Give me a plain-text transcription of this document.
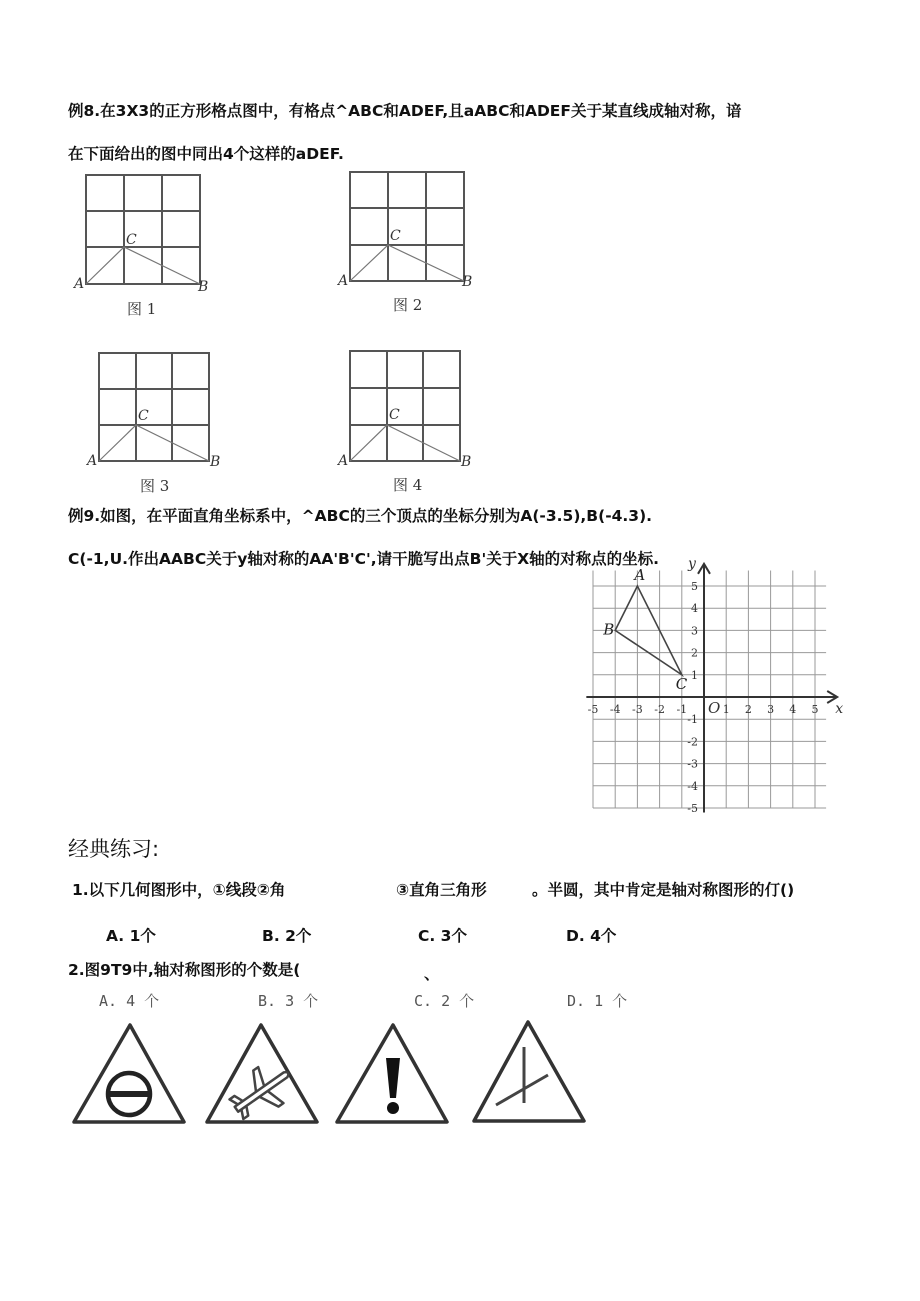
例8.在3X3的正方形格点图中，有格点^ABC和ADEF,且aABC和ADEF关于某直线成轴对称，谙
在下面给出的图中同出4个这样的aDEF.
A
C
B
图 1
A
C
B
图 2
A
C
B
图 3
A
C
B
图 4
例9.如图，在平面直角坐标系中，^ABC的三个顶点的坐标分别为A(-3.5),B(-4.3).
C(-1,U.作出AABC关于y轴对称的AA'B'C',请干脆写出点B'关于X轴的对称点的坐标.
x
y
O
-5 -4 -3 -2 -1	1 2 3 4 5
5
4
3
2
1
-1
-2
-3
-4
-5
A
B
C
经典练习:
1.以下几何图形中，①线段②角	③直角三角形	。半圆，其中肯定是轴对称图形的仃()
A. 1个	B. 2个	C. 3个	D. 4个
2.图9T9中,轴对称图形的个数是(	、
A. 4 个	B. 3 个	C. 2 个	D. 1 个
